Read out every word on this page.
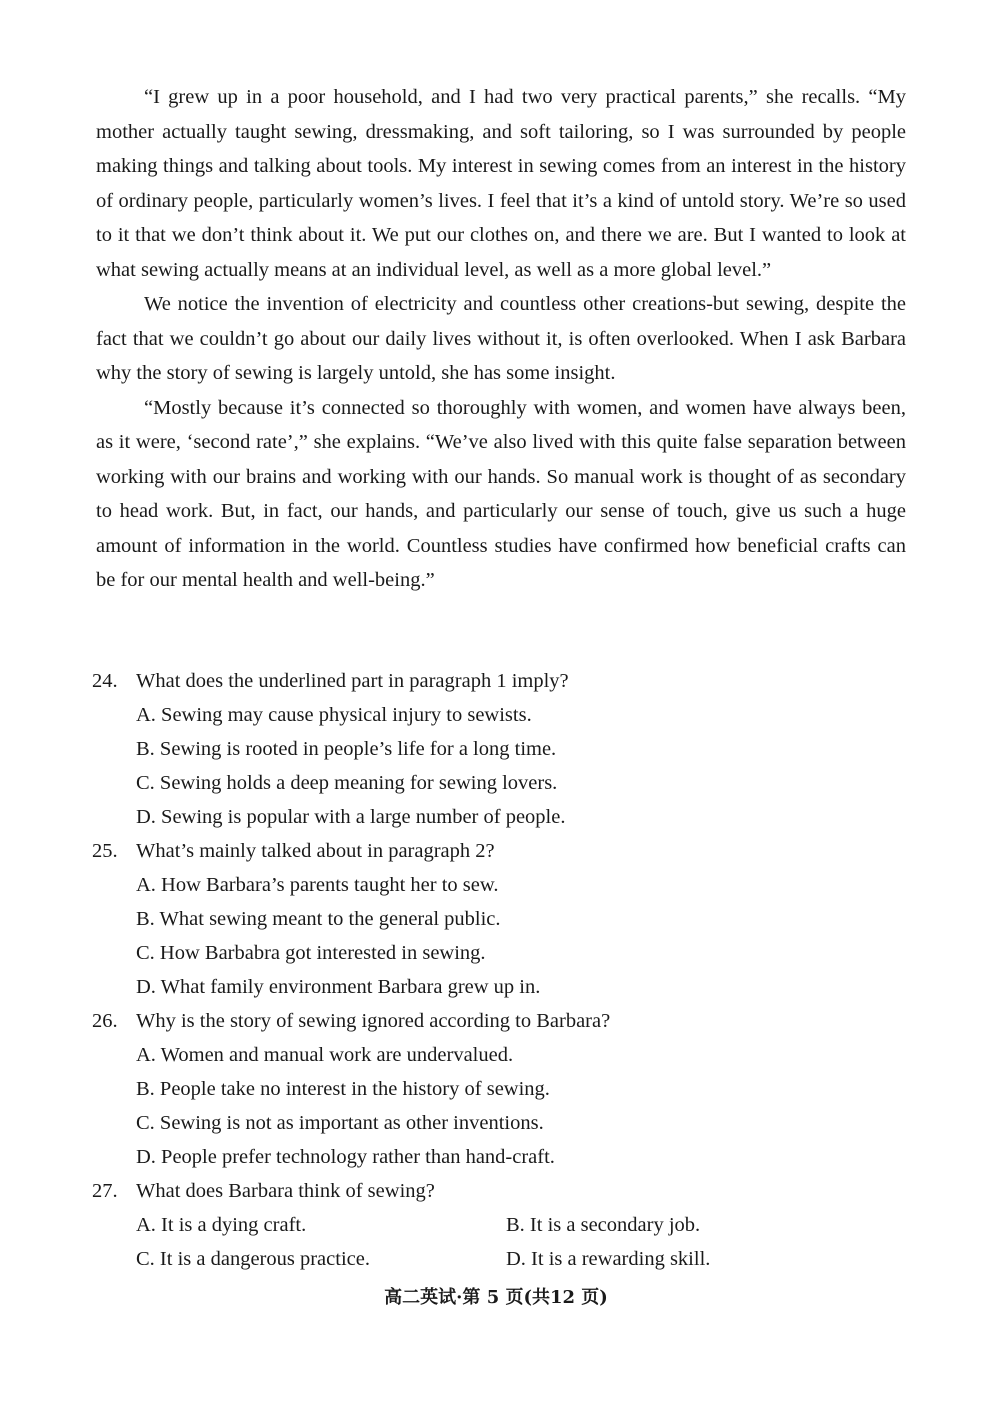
“I grew up in a poor household, and I had two very practical parents,” she recalls. “My mother actually taught sewing, dressmaking, and soft tailoring, so I was surrounded by people making things and talking about tools. My interest in sewing comes from an interest in the history of ordinary people, particularly women’s lives. I feel that it’s a kind of untold story. We’re so used to it that we don’t think about it. We put our clothes on, and there we are. But I wanted to look at what sewing actually means at an individual level, as well as a more global level.”

We notice the invention of electricity and countless other creations-but sewing, despite the fact that we couldn’t go about our daily lives without it, is often overlooked. When I ask Barbara why the story of sewing is largely untold, she has some insight.

“Mostly because it’s connected so thoroughly with women, and women have always been, as it were, ‘second rate’,” she explains. “We’ve also lived with this quite false separation between working with our brains and working with our hands. So manual work is thought of as secondary to head work. But, in fact, our hands, and particularly our sense of touch, give us such a huge amount of information in the world. Countless studies have confirmed how beneficial crafts can be for our mental health and well-being.”

24. What does the underlined part in paragraph 1 imply?
A. Sewing may cause physical injury to sewists.
B. Sewing is rooted in people’s life for a long time.
C. Sewing holds a deep meaning for sewing lovers.
D. Sewing is popular with a large number of people.
25. What’s mainly talked about in paragraph 2?
A. How Barbara’s parents taught her to sew.
B. What sewing meant to the general public.
C. How Barbabra got interested in sewing.
D. What family environment Barbara grew up in.
26. Why is the story of sewing ignored according to Barbara?
A. Women and manual work are undervalued.
B. People take no interest in the history of sewing.
C. Sewing is not as important as other inventions.
D. People prefer technology rather than hand-craft.
27. What does Barbara think of sewing?
A. It is a dying craft.	B. It is a secondary job.
C. It is a dangerous practice.	D. It is a rewarding skill.
高二英试·第 5 页(共12 页)
